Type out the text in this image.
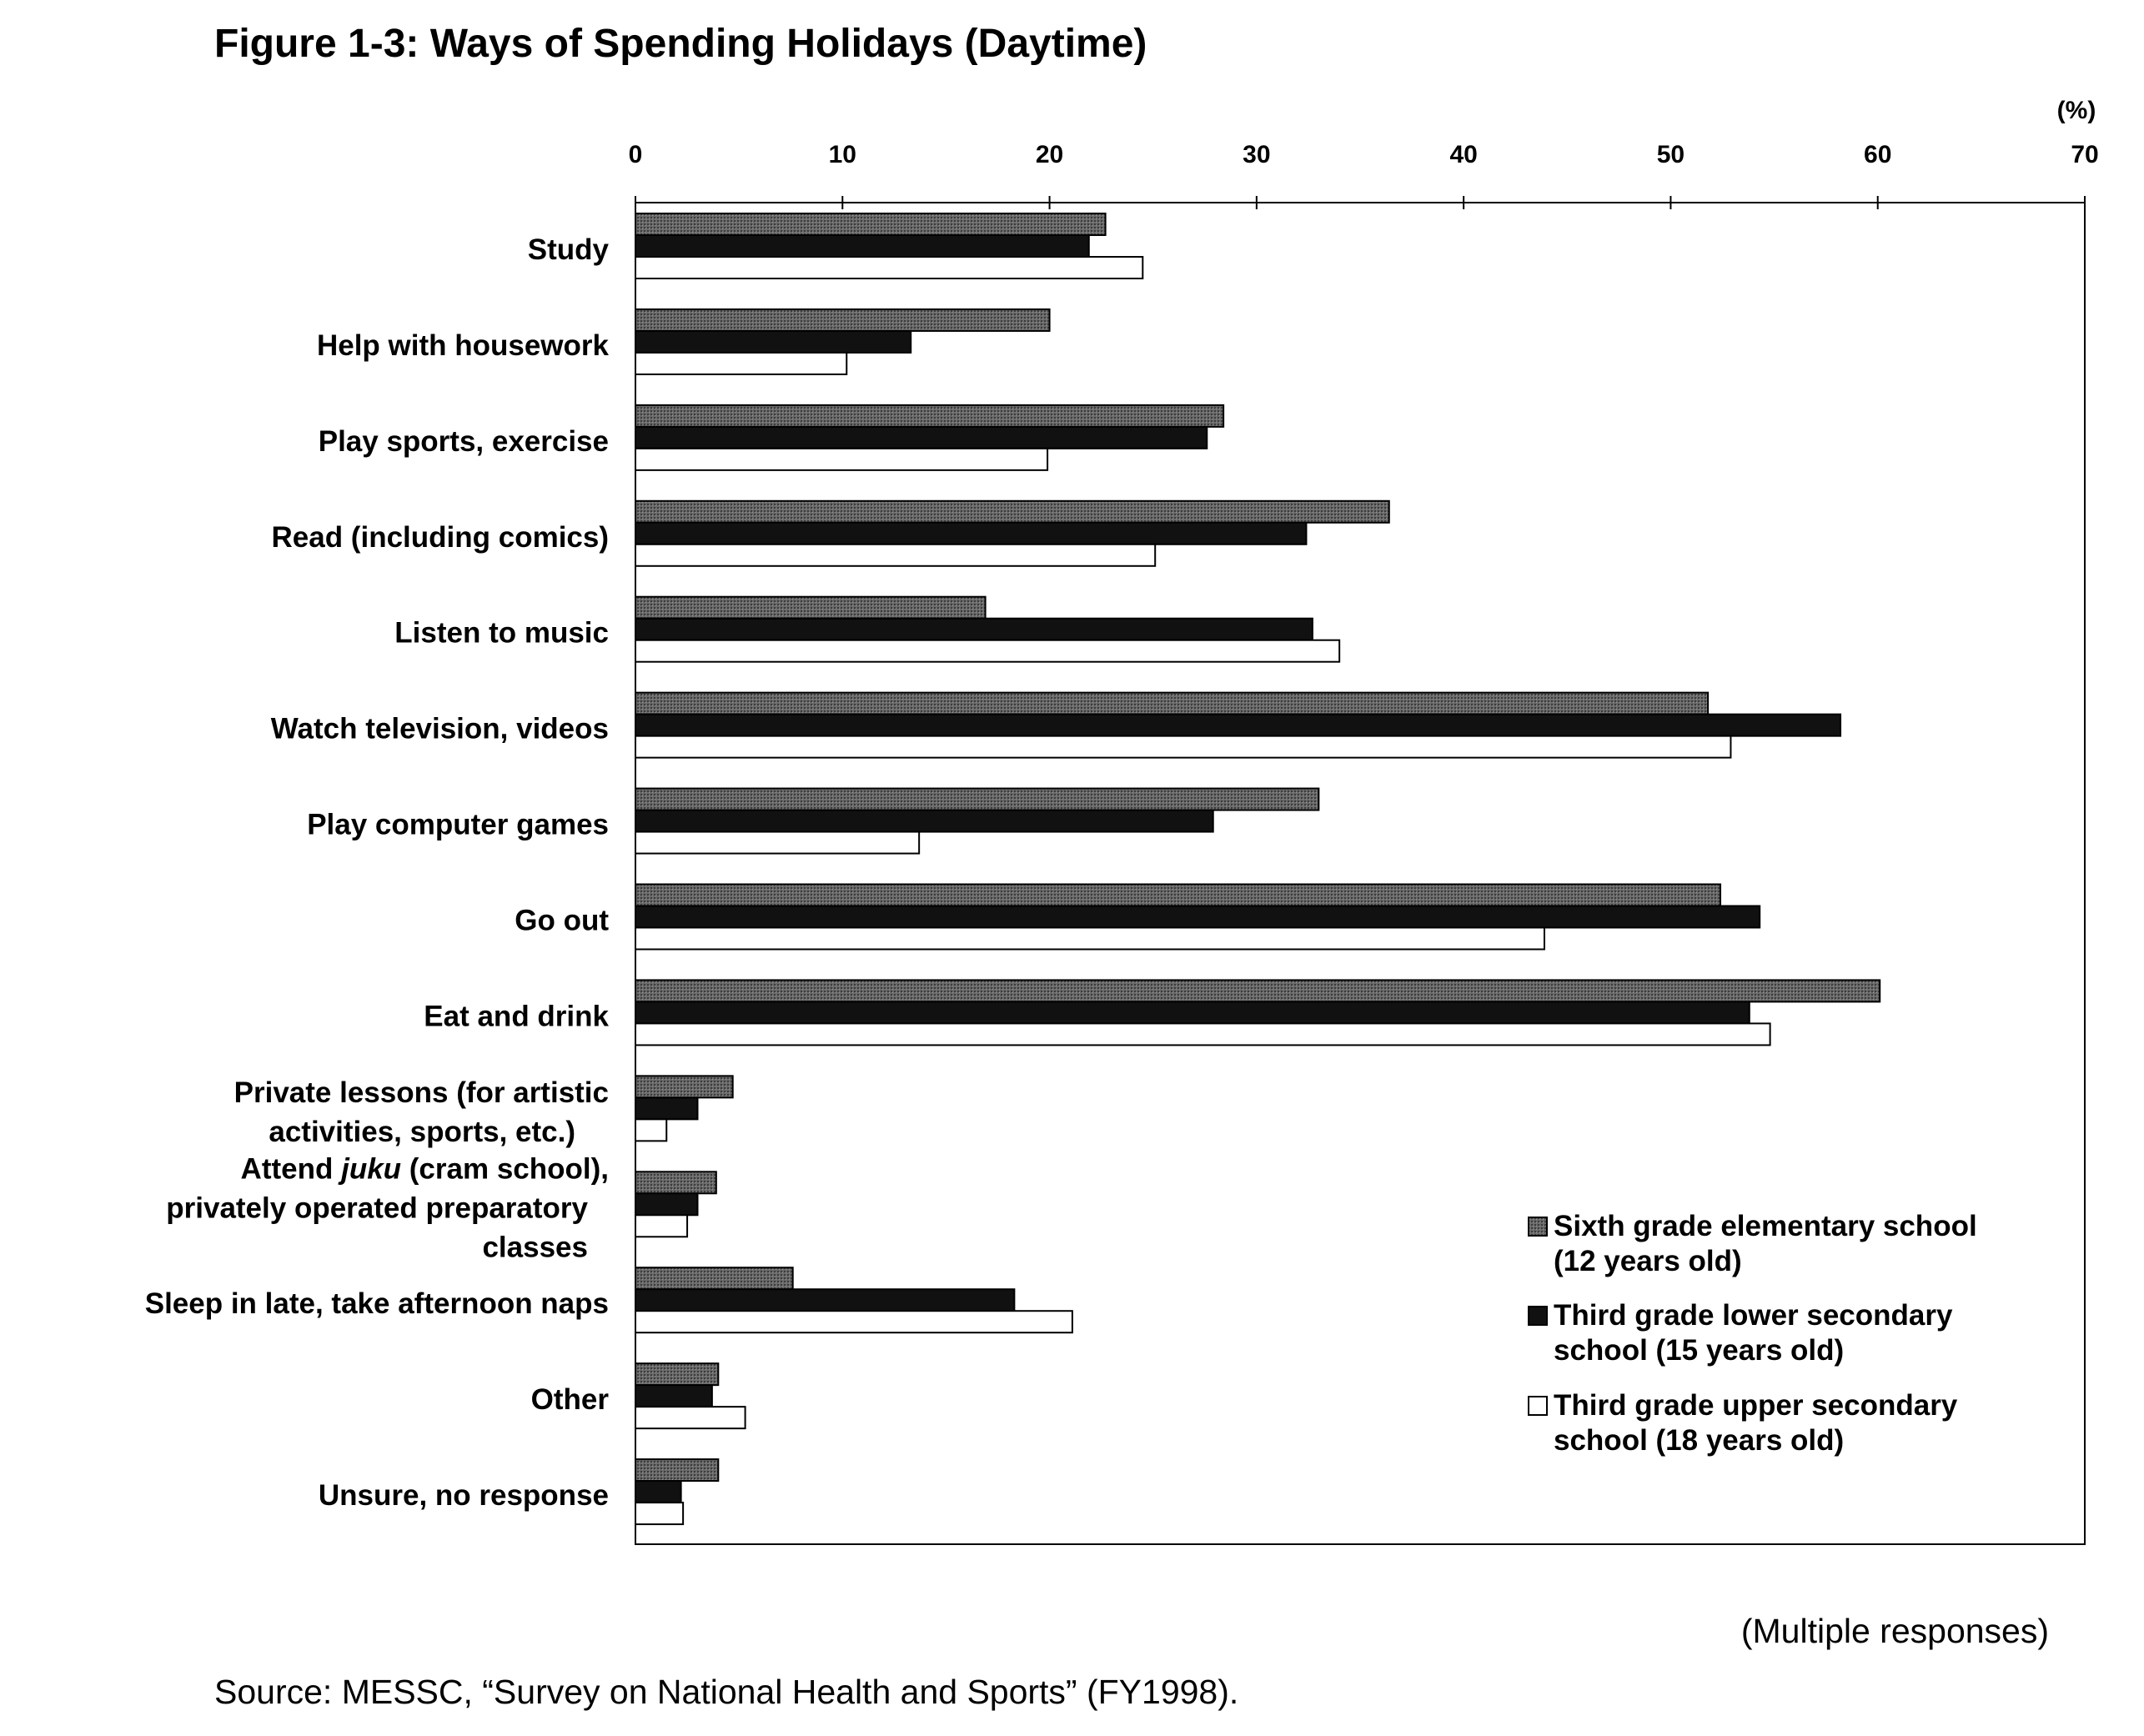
Figure 1-3: Ways of Spending Holidays (Daytime)
(%)
0	10	20	30	40	50	60	70
Study
Help with housework
Play sports, exercise
Read (including comics)
Listen to music
Watch television, videos
Play computer games
Go out
Eat and drink
Private lessons (for artistic
activities, sports, etc.)
Attend juku (cram school),
privately operated preparatory
classes
Sleep in late, take afternoon naps
Other
Unsure, no response
Sixth grade elementary school
(12 years old)
Third grade lower secondary
school (15 years old)
Third grade upper secondary
school (18 years old)
(Multiple responses)
Source: MESSC, “Survey on National Health and Sports” (FY1998).
